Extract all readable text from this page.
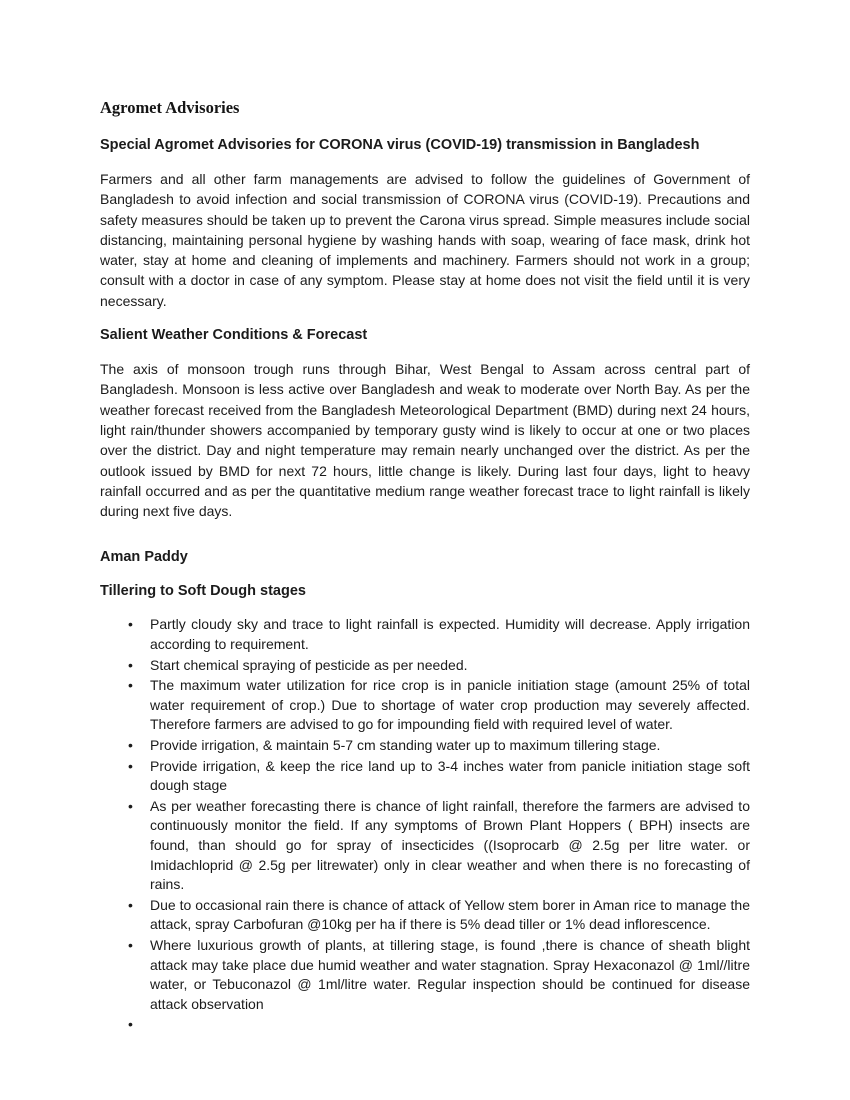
Agromet Advisories
Special Agromet Advisories for CORONA virus (COVID-19) transmission in Bangladesh

Farmers and all other farm managements are advised to follow the guidelines of Government of Bangladesh to avoid infection and social transmission of CORONA virus (COVID-19). Precautions and safety measures should be taken up to prevent the Carona virus spread. Simple measures include social distancing, maintaining personal hygiene by washing hands with soap, wearing of face mask, drink hot water, stay at home and cleaning of implements and machinery. Farmers should not work in a group; consult with a doctor in case of any symptom. Please stay at home does not visit the field until it is very necessary.

Salient Weather Conditions & Forecast

The axis of monsoon trough runs through Bihar, West Bengal to Assam across central part of Bangladesh. Monsoon is less active over Bangladesh and weak to moderate over North Bay. As per the weather forecast received from the Bangladesh Meteorological Department (BMD) during next 24 hours, light rain/thunder showers accompanied by temporary gusty wind is likely to occur at one or two places over the district. Day and night temperature may remain nearly unchanged over the district. As per the outlook issued by BMD for next 72 hours, little change is likely. During last four days, light to heavy rainfall occurred and as per the quantitative medium range weather forecast trace to light rainfall is likely during next five days.

Aman Paddy
Tillering to Soft Dough stages
• Partly cloudy sky and trace to light rainfall is expected. Humidity will decrease. Apply irrigation according to requirement.
• Start chemical spraying of pesticide as per needed.
• The maximum water utilization for rice crop is in panicle initiation stage (amount 25% of total water requirement of crop.) Due to shortage of water crop production may severely affected. Therefore farmers are advised to go for impounding field with required level of water.
• Provide irrigation, & maintain 5-7 cm standing water up to maximum tillering stage.
• Provide irrigation, & keep the rice land up to 3-4 inches water from panicle initiation stage soft dough stage
• As per weather forecasting there is chance of light rainfall, therefore the farmers are advised to continuously monitor the field. If any symptoms of Brown Plant Hoppers ( BPH) insects are found, than should go for spray of insecticides ((Isoprocarb @ 2.5g per litre water. or Imidachloprid @ 2.5g per litrewater) only in clear weather and when there is no forecasting of rains.
• Due to occasional rain there is chance of attack of Yellow stem borer in Aman rice to manage the attack, spray Carbofuran @10kg per ha if there is 5% dead tiller or 1% dead inflorescence.
• Where luxurious growth of plants, at tillering stage, is found ,there is chance of sheath blight attack may take place due humid weather and water stagnation. Spray Hexaconazol @ 1ml//litre water, or Tebuconazol @ 1ml/litre water. Regular inspection should be continued for disease attack observation
